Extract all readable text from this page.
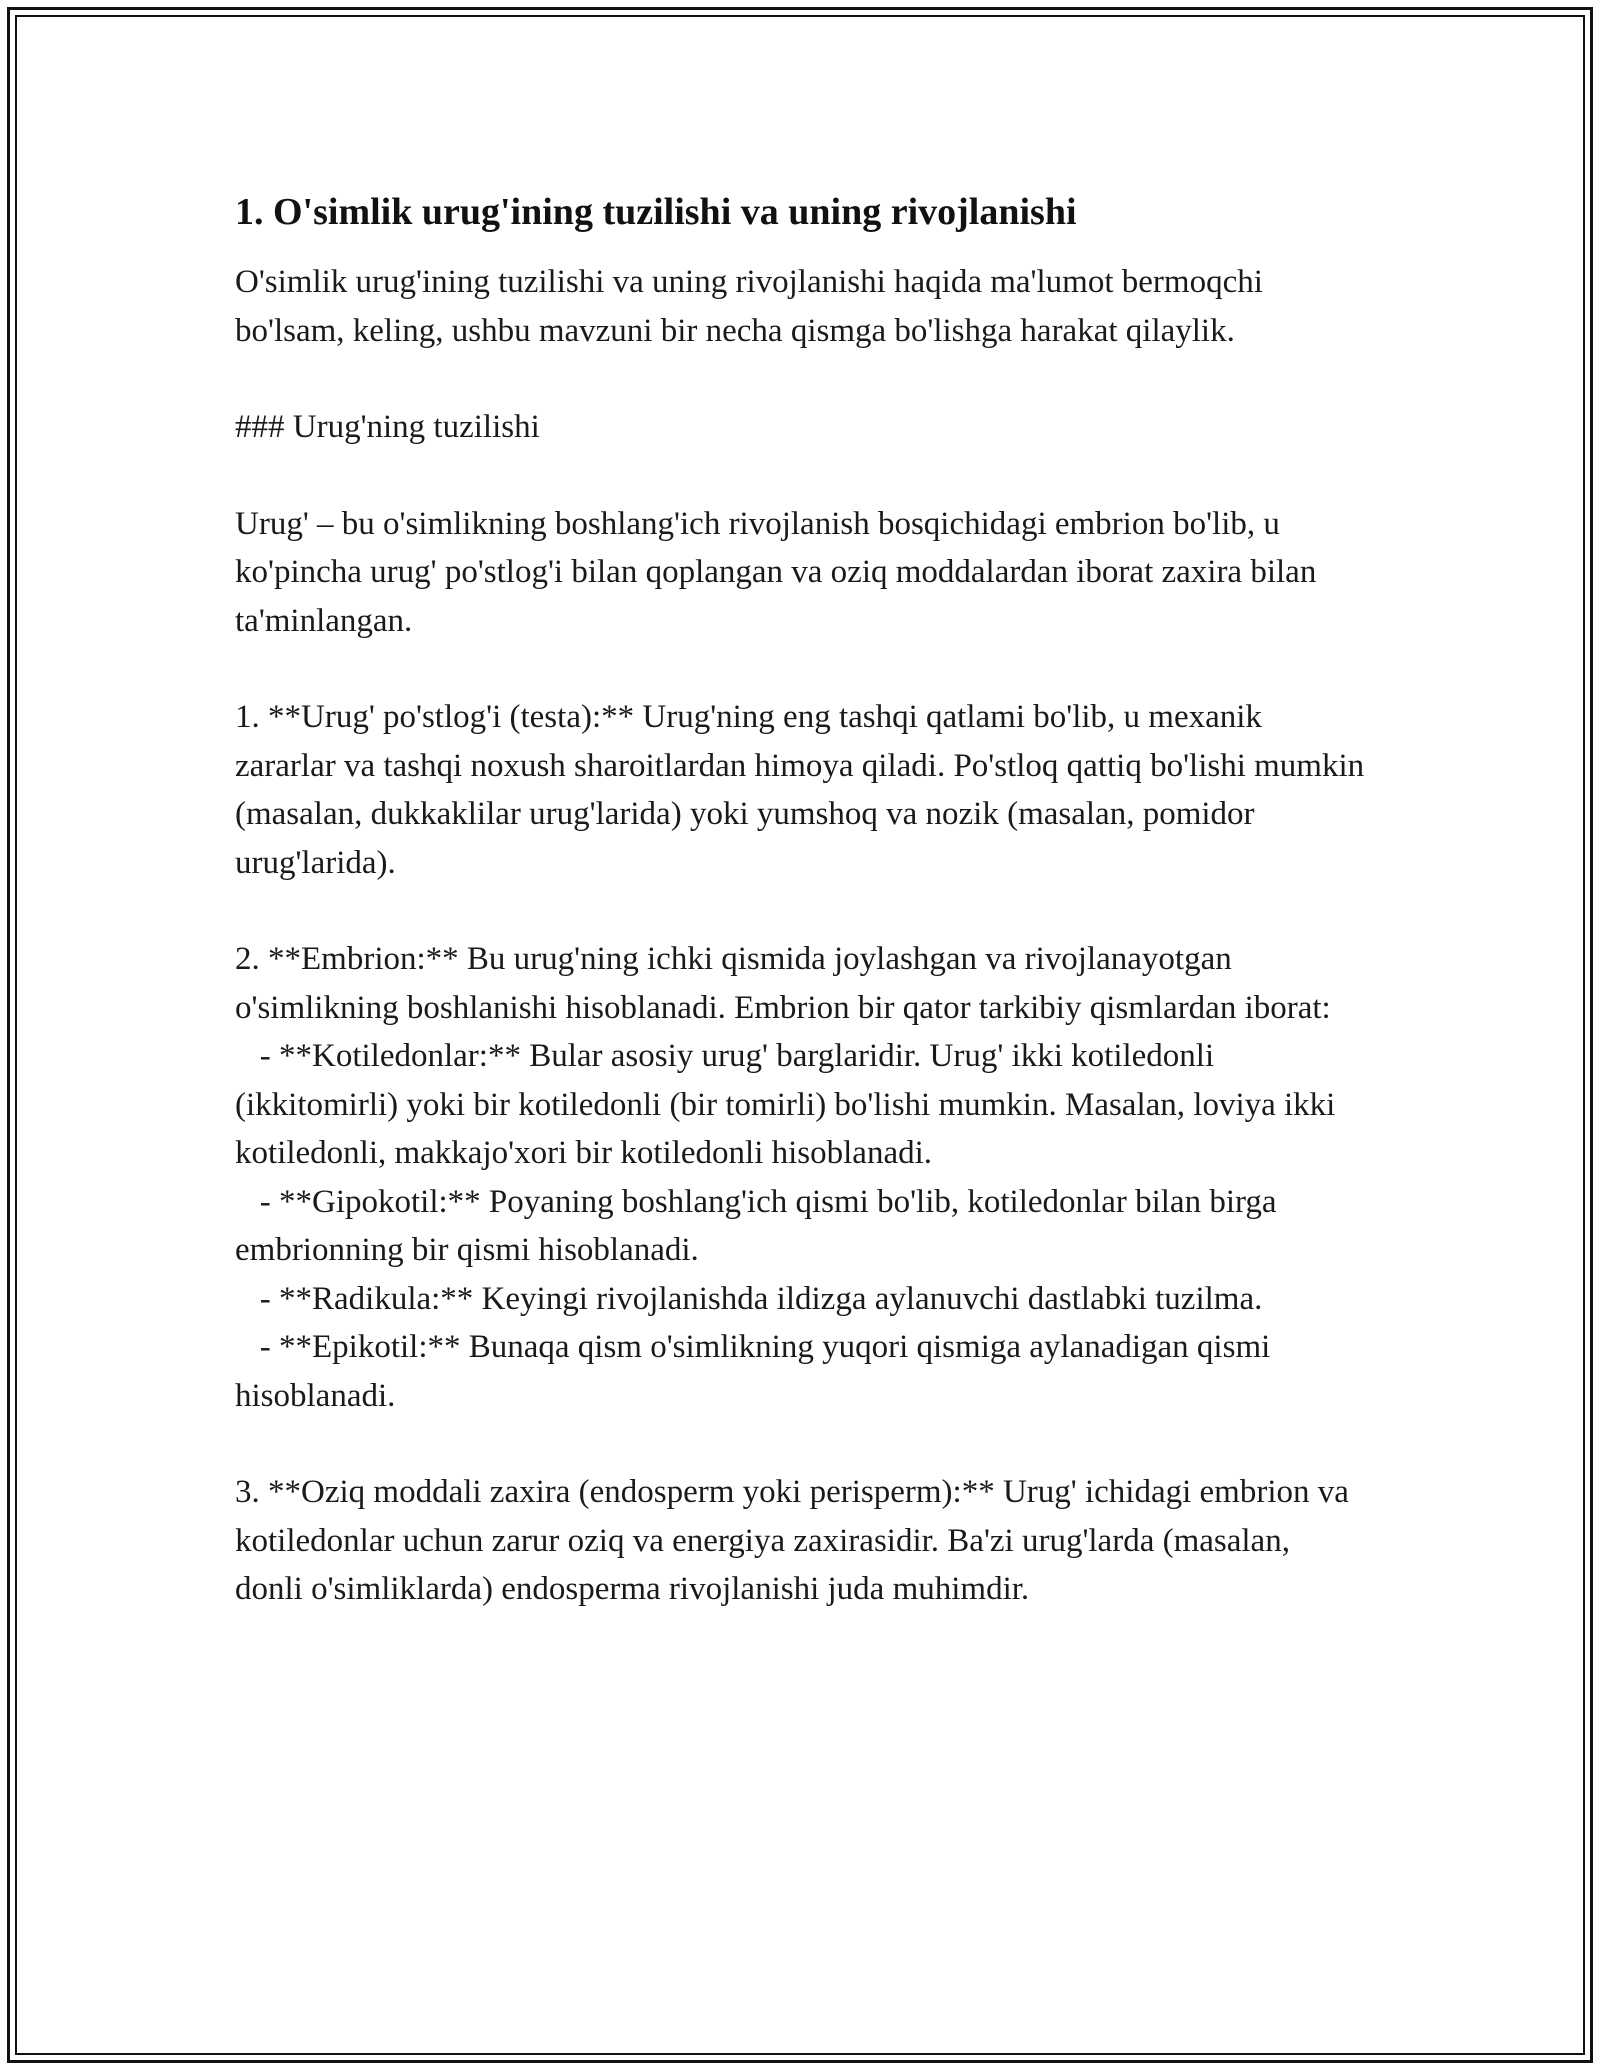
1. O'simlik urug'ining tuzilishi va uning rivojlanishi

O'simlik urug'ining tuzilishi va uning rivojlanishi haqida ma'lumot bermoqchi bo'lsam, keling, ushbu mavzuni bir necha qismga bo'lishga harakat qilaylik.

### Urug'ning tuzilishi

Urug' – bu o'simlikning boshlang'ich rivojlanish bosqichidagi embrion bo'lib, u ko'pincha urug' po'stlog'i bilan qoplangan va oziq moddalardan iborat zaxira bilan ta'minlangan.

1. **Urug' po'stlog'i (testa):** Urug'ning eng tashqi qatlami bo'lib, u mexanik zararlar va tashqi noxush sharoitlardan himoya qiladi. Po'stloq qattiq bo'lishi mumkin (masalan, dukkaklilar urug'larida) yoki yumshoq va nozik (masalan, pomidor urug'larida).

2. **Embrion:** Bu urug'ning ichki qismida joylashgan va rivojlanayotgan o'simlikning boshlanishi hisoblanadi. Embrion bir qator tarkibiy qismlardan iborat:

- **Kotiledonlar:** Bular asosiy urug' barglaridir. Urug' ikki kotiledonli (ikkitomirli) yoki bir kotiledonli (bir tomirli) bo'lishi mumkin. Masalan, loviya ikki kotiledonli, makkajo'xori bir kotiledonli hisoblanadi.

- **Gipokotil:** Poyaning boshlang'ich qismi bo'lib, kotiledonlar bilan birga embrionning bir qismi hisoblanadi.

- **Radikula:** Keyingi rivojlanishda ildizga aylanuvchi dastlabki tuzilma.

- **Epikotil:** Bunaqa qism o'simlikning yuqori qismiga aylanadigan qismi hisoblanadi.

3. **Oziq moddali zaxira (endosperm yoki perisperm):** Urug' ichidagi embrion va kotiledonlar uchun zarur oziq va energiya zaxirasidir. Ba'zi urug'larda (masalan, donli o'simliklarda) endosperma rivojlanishi juda muhimdir.
